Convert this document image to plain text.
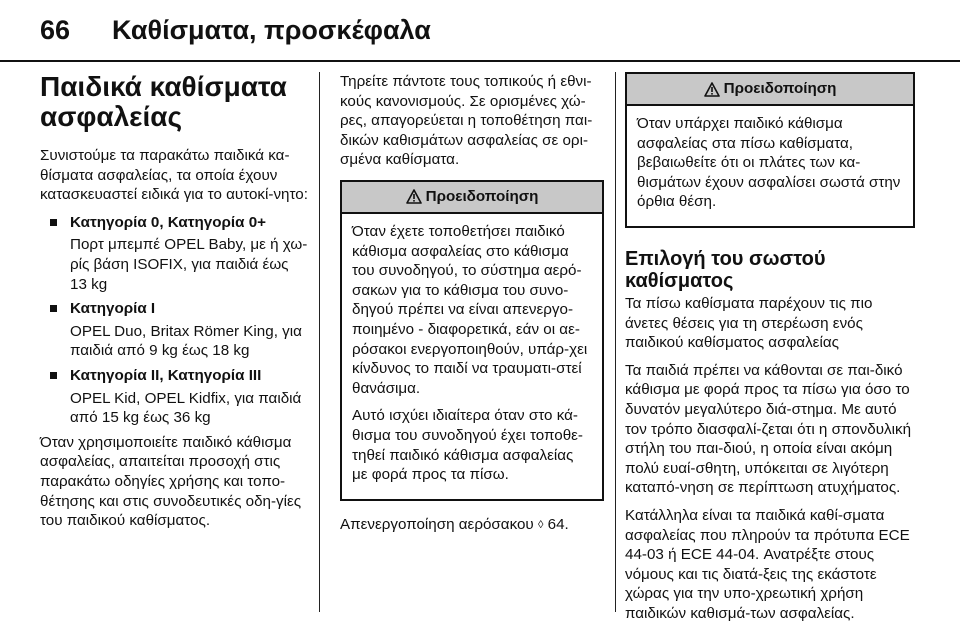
66 Καθίσματα, προσκέφαλα
Παιδικά καθίσματα ασφαλείας

Συνιστούμε τα παρακάτω παιδικά κα-θίσματα ασφαλείας, τα οποία έχουν κατασκευαστεί ειδικά για το αυτοκί-νητο:

Κατηγορία 0, Κατηγορία 0+
Πορτ μπεμπέ OPEL Baby, με ή χω-ρίς βάση ISOFIX, για παιδιά έως 13 kg
Κατηγορία I
OPEL Duo, Britax Römer King, για παιδιά από 9 kg έως 18 kg
Κατηγορία II, Κατηγορία III
OPEL Kid, OPEL Kidfix, για παιδιά από 15 kg έως 36 kg

Όταν χρησιμοποιείτε παιδικό κάθισμα ασφαλείας, απαιτείται προσοχή στις παρακάτω οδηγίες χρήσης και τοπο-θέτησης και στις συνοδευτικές οδη-γίες του παιδικού καθίσματος.

Τηρείτε πάντοτε τους τοπικούς ή εθνι-κούς κανονισμούς. Σε ορισμένες χώ-ρες, απαγορεύεται η τοποθέτηση παι-δικών καθισμάτων ασφαλείας σε ορι-σμένα καθίσματα.

Προειδοποίηση

Όταν έχετε τοποθετήσει παιδικό κάθισμα ασφαλείας στο κάθισμα του συνοδηγού, το σύστημα αερό-σακων για το κάθισμα του συνο-δηγού πρέπει να είναι απενεργο-ποιημένο - διαφορετικά, εάν οι αε-ρόσακοι ενεργοποιηθούν, υπάρ-χει κίνδυνος το παιδί να τραυματι-στεί θανάσιμα.

Αυτό ισχύει ιδιαίτερα όταν στο κά-θισμα του συνοδηγού έχει τοποθε-τηθεί παιδικό κάθισμα ασφαλείας με φορά προς τα πίσω.

Απενεργοποίηση αερόσακου ◊ 64.

Προειδοποίηση

Όταν υπάρχει παιδικό κάθισμα ασφαλείας στα πίσω καθίσματα, βεβαιωθείτε ότι οι πλάτες των κα-θισμάτων έχουν ασφαλίσει σωστά στην όρθια θέση.

Επιλογή του σωστού καθίσματος

Τα πίσω καθίσματα παρέχουν τις πιο άνετες θέσεις για τη στερέωση ενός παιδικού καθίσματος ασφαλείας

Τα παιδιά πρέπει να κάθονται σε παι-δικό κάθισμα με φορά προς τα πίσω για όσο το δυνατόν μεγαλύτερο διά-στημα. Με αυτό τον τρόπο διασφαλί-ζεται ότι η σπονδυλική στήλη του παι-διού, η οποία είναι ακόμη πολύ ευαί-σθητη, υπόκειται σε λιγότερη καταπό-νηση σε περίπτωση ατυχήματος.

Κατάλληλα είναι τα παιδικά καθί-σματα ασφαλείας που πληρούν τα πρότυπα ECE 44-03 ή ECE 44-04. Ανατρέξτε στους νόμους και τις διατά-ξεις της εκάστοτε χώρας για την υπο-χρεωτική χρήση παιδικών καθισμά-των ασφαλείας.
